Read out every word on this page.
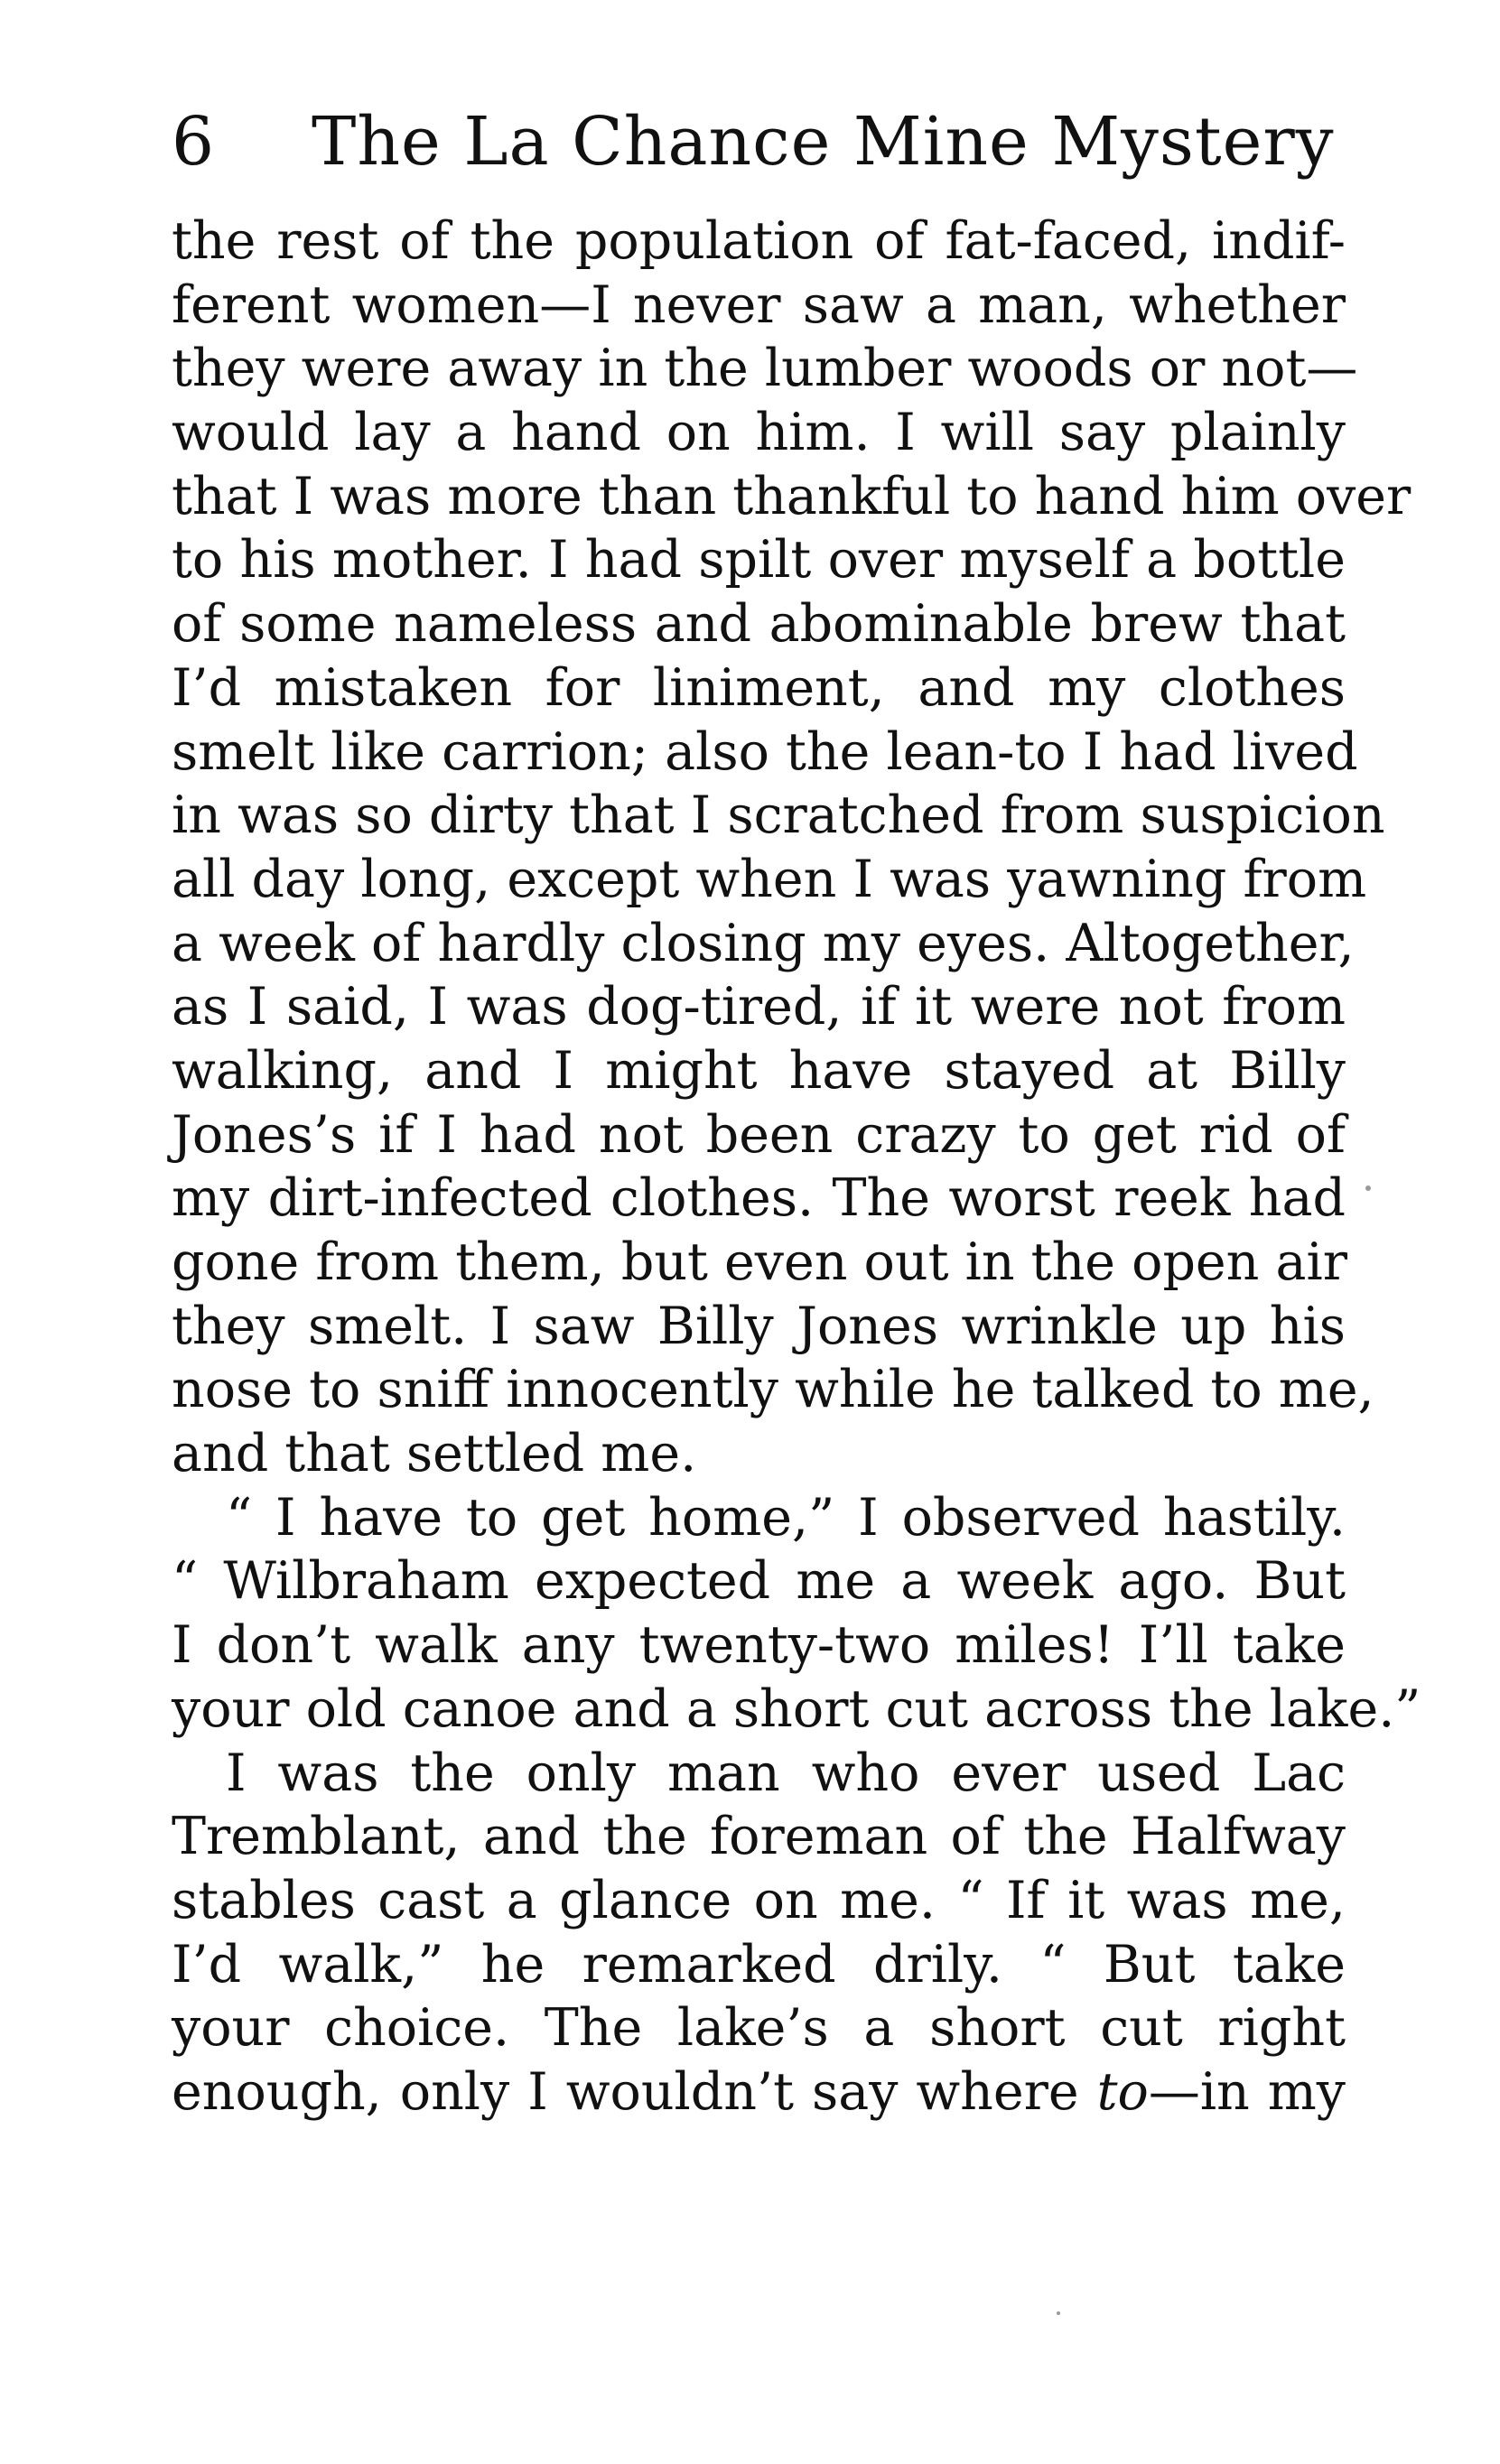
6 The La Chance Mine Mystery
the rest of the population of fat-faced, indif-
ferent women—I never saw a man, whether
they were away in the lumber woods or not—
would lay a hand on him. I will say plainly
that I was more than thankful to hand him over
to his mother. I had spilt over myself a bottle
of some nameless and abominable brew that
I’d mistaken for liniment, and my clothes
smelt like carrion; also the lean-to I had lived
in was so dirty that I scratched from suspicion
all day long, except when I was yawning from
a week of hardly closing my eyes. Altogether,
as I said, I was dog-tired, if it were not from
walking, and I might have stayed at Billy
Jones’s if I had not been crazy to get rid of
my dirt-infected clothes. The worst reek had
gone from them, but even out in the open air
they smelt. I saw Billy Jones wrinkle up his
nose to sniff innocently while he talked to me,
and that settled me.
“ I have to get home,” I observed hastily.
“ Wilbraham expected me a week ago. But
I don’t walk any twenty-two miles! I’ll take
your old canoe and a short cut across the lake.”
I was the only man who ever used Lac
Tremblant, and the foreman of the Halfway
stables cast a glance on me. “ If it was me,
I’d walk,” he remarked drily. “ But take
your choice. The lake’s a short cut right
enough, only I wouldn’t say where to—in my
